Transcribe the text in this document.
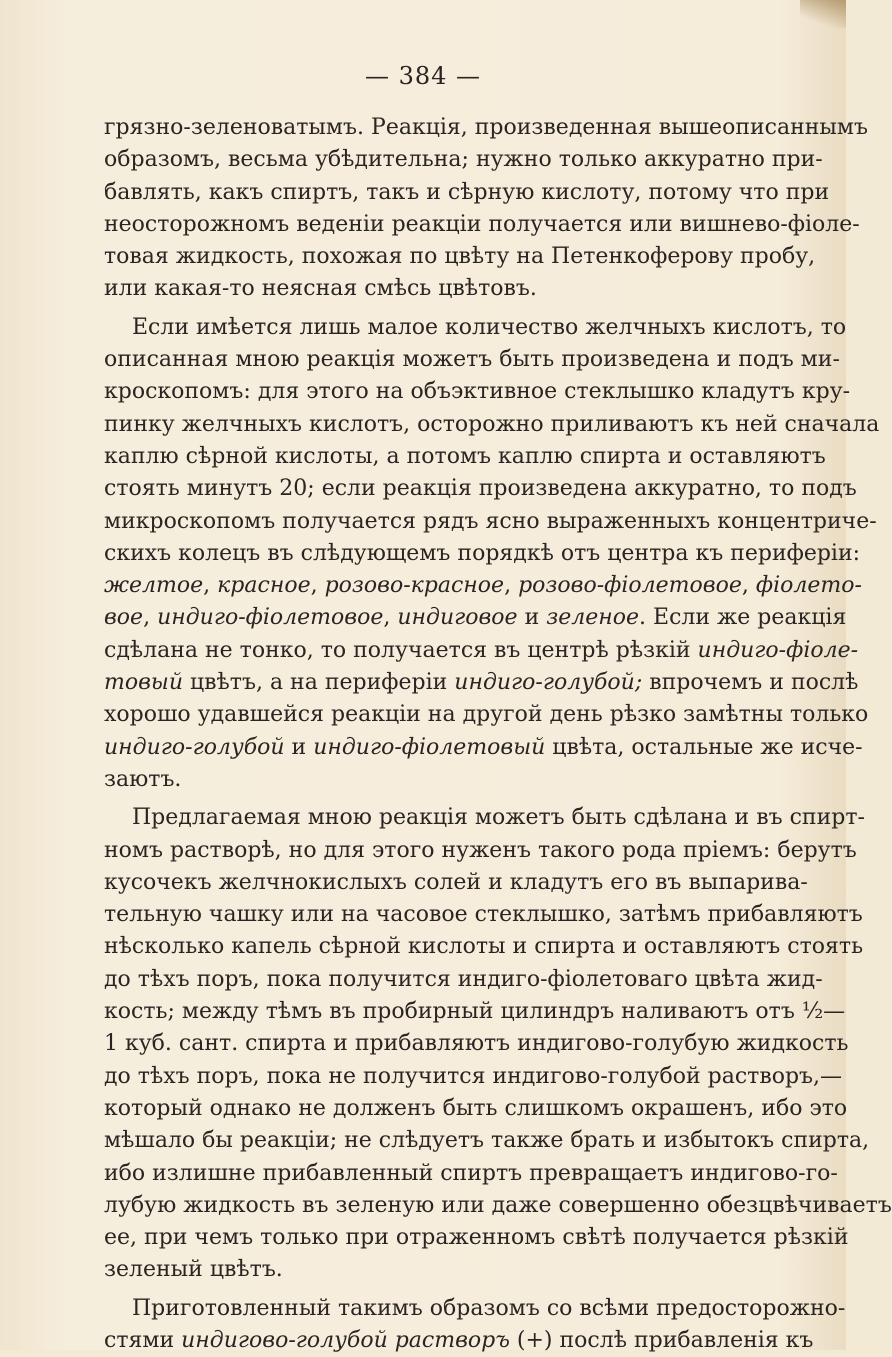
— 384 —

грязно-зеленоватымъ. Реакція, произведенная вышеописаннымъ
образомъ, весьма убѣдительна; нужно только аккуратно при-
бавлять, какъ спиртъ, такъ и сѣрную кислоту, потому что при
неосторожномъ веденіи реакціи получается или вишнево-фіоле-
товая жидкость, похожая по цвѣту на Петенкоферову пробу,
или какая-то неясная смѣсь цвѣтовъ.

Если имѣется лишь малое количество желчныхъ кислотъ, то
описанная мною реакція можетъ быть произведена и подъ ми-
кроскопомъ: для этого на объэктивное стеклышко кладутъ кру-
пинку желчныхъ кислотъ, осторожно приливаютъ къ ней сначала
каплю сѣрной кислоты, а потомъ каплю спирта и оставляютъ
стоять минутъ 20; если реакція произведена аккуратно, то подъ
микроскопомъ получается рядъ ясно выраженныхъ концентриче-
скихъ колецъ въ слѣдующемъ порядкѣ отъ центра къ периферіи:
желтое, красное, розово-красное, розово-фіолетовое, фіолето-
вое, индиго-фіолетовое, индиговое и зеленое. Если же реакція
сдѣлана не тонко, то получается въ центрѣ рѣзкій индиго-фіоле-
товый цвѣтъ, а на периферіи индиго-голубой; впрочемъ и послѣ
хорошо удавшейся реакціи на другой день рѣзко замѣтны только
индиго-голубой и индиго-фіолетовый цвѣта, остальные же исче-
заютъ.

Предлагаемая мною реакція можетъ быть сдѣлана и въ спирт-
номъ растворѣ, но для этого нуженъ такого рода пріемъ: берутъ
кусочекъ желчнокислыхъ солей и кладутъ его въ выпарива-
тельную чашку или на часовое стеклышко, затѣмъ прибавляютъ
нѣсколько капель сѣрной кислоты и спирта и оставляютъ стоять
до тѣхъ поръ, пока получится индиго-фіолетоваго цвѣта жид-
кость; между тѣмъ въ пробирный цилиндръ наливаютъ отъ ½—
1 куб. сант. спирта и прибавляютъ индигово-голубую жидкость
до тѣхъ поръ, пока не получится индигово-голубой растворъ,—
который однако не долженъ быть слишкомъ окрашенъ, ибо это
мѣшало бы реакціи; не слѣдуетъ также брать и избытокъ спирта,
ибо излишне прибавленный спиртъ превращаетъ индигово-го-
лубую жидкость въ зеленую или даже совершенно обезцвѣчиваетъ
ее, при чемъ только при отраженномъ свѣтѣ получается рѣзкій
зеленый цвѣтъ.

Приготовленный такимъ образомъ со всѣми предосторожно-
стями индигово-голубой растворъ (+) послѣ прибавленія къ
